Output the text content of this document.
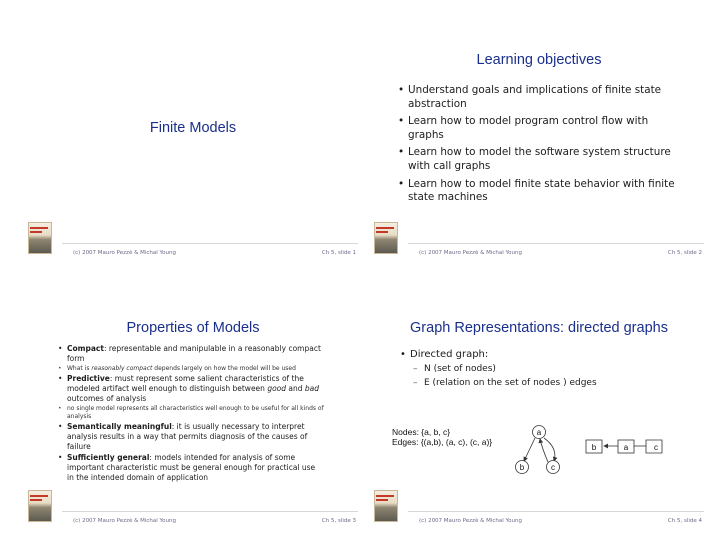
Finite Models
(c) 2007 Mauro Pezzè & Michal Young	Ch 5, slide 1
Learning objectives
• Understand goals and implications of finite state abstraction
• Learn how to model program control flow with graphs
• Learn how to model the software system structure with call graphs
• Learn how to model finite state behavior with finite state machines
(c) 2007 Mauro Pezzè & Michal Young	Ch 5, slide 2
Properties of Models
• Compact: representable and manipulable in a reasonably compact form
• What is reasonably compact depends largely on how the model will be used
• Predictive: must represent some salient characteristics of the modeled artifact well enough to distinguish between good and bad outcomes of analysis
• no single model represents all characteristics well enough to be useful for all kinds of analysis
• Semantically meaningful: it is usually necessary to interpret analysis results in a way that permits diagnosis of the causes of failure
• Sufficiently general: models intended for analysis of some important characteristic must be general enough for practical use in the intended domain of application
(c) 2007 Mauro Pezzè & Michal Young	Ch 5, slide 3
Graph Representations: directed graphs
• Directed graph:
– N (set of nodes)
– E (relation on the set of nodes ) edges
Nodes: {a, b, c}
Edges: {(a,b), (a, c), (c, a)}
a
b	c
b	a	c
(c) 2007 Mauro Pezzè & Michal Young	Ch 5, slide 4
